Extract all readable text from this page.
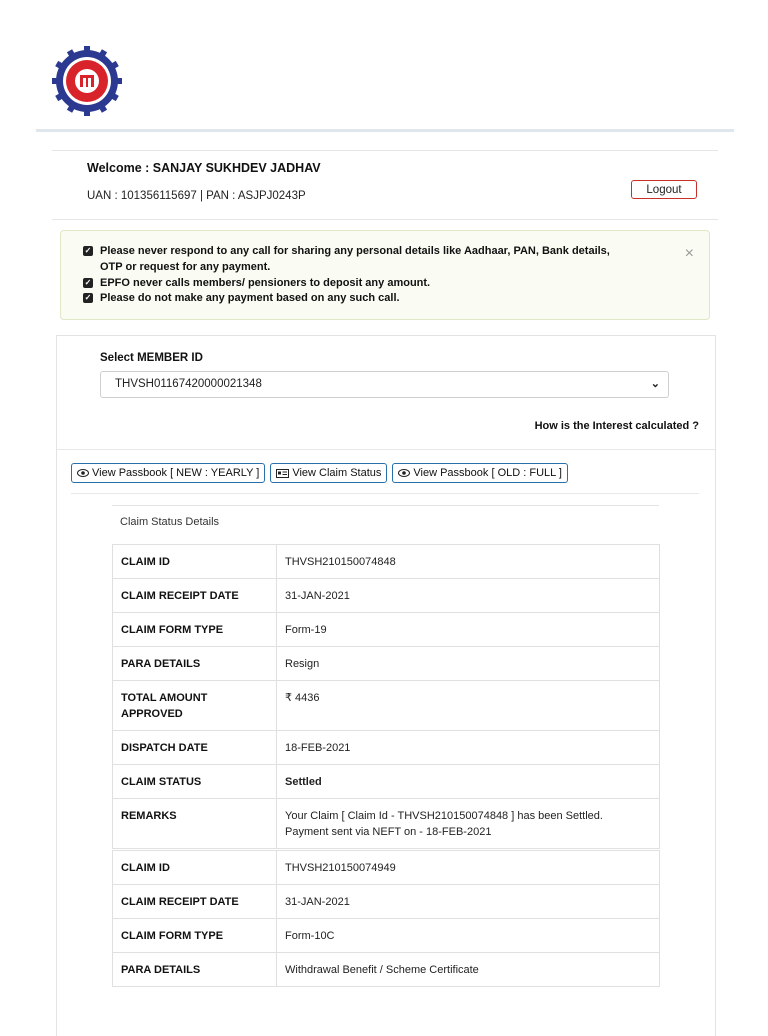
Welcome : SANJAY SUKHDEV JADHAV
UAN : 101356115697 | PAN : ASJPJ0243P	Logout
✓ Please never respond to any call for sharing any personal details like Aadhaar, PAN, Bank details,
OTP or request for any payment.
✓ EPFO never calls members/ pensioners to deposit any amount.
✓ Please do not make any payment based on any such call.
×
Select MEMBER ID
THVSH01167420000021348	⌄
How is the Interest calculated ?
View Passbook [ NEW : YEARLY ]	View Claim Status	View Passbook [ OLD : FULL ]
Claim Status Details
CLAIM ID	THVSH210150074848
CLAIM RECEIPT DATE	31-JAN-2021
CLAIM FORM TYPE	Form-19
PARA DETAILS	Resign
TOTAL AMOUNT APPROVED	₹ 4436
DISPATCH DATE	18-FEB-2021
CLAIM STATUS	Settled
REMARKS	Your Claim [ Claim Id - THVSH210150074848 ] has been Settled.
Payment sent via NEFT on - 18-FEB-2021
CLAIM ID	THVSH210150074949
CLAIM RECEIPT DATE	31-JAN-2021
CLAIM FORM TYPE	Form-10C
PARA DETAILS	Withdrawal Benefit / Scheme Certificate
